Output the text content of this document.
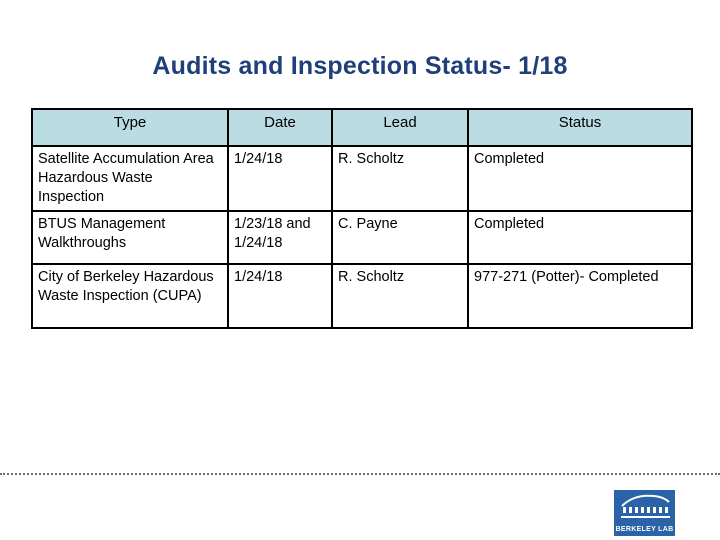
Audits and Inspection Status- 1/18
Type	Date	Lead	Status
Satellite Accumulation Area Hazardous Waste Inspection	1/24/18	R. Scholtz	Completed
BTUS Management Walkthroughs	1/23/18 and 1/24/18	C. Payne	Completed
City of Berkeley Hazardous Waste Inspection (CUPA)	1/24/18	R. Scholtz	977-271 (Potter)- Completed
BERKELEY LAB
